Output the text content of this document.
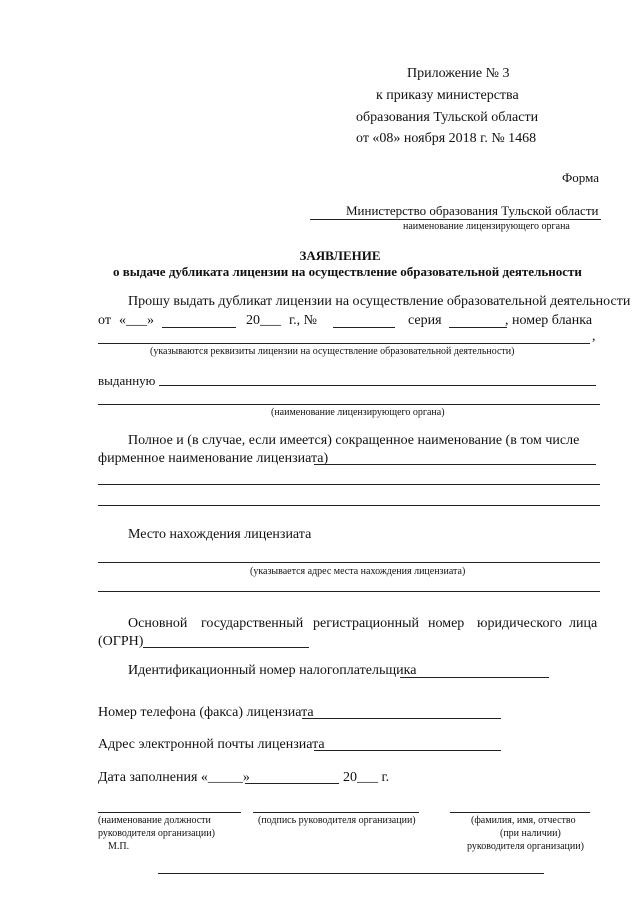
Приложение № 3
к приказу министерства
образования Тульской области
от «08» ноября 2018 г. № 1468
Форма
Министерство образования Тульской области
наименование лицензирующего органа
ЗАЯВЛЕНИЕ
о выдаче дубликата лицензии на осуществление образовательной деятельности
Прошу выдать дубликат лицензии на осуществление образовательной деятельности
от «___»	20___ г., №	серия	, номер бланка
,
(указываются реквизиты лицензии на осуществление образовательной деятельности)
выданную
(наименование лицензирующего органа)
Полное и (в случае, если имеется) сокращенное наименование (в том числе
фирменное наименование лицензиата)
Место нахождения лицензиата
(указывается адрес места нахождения лицензиата)
Основной государственный регистрационный номер юридического лица
(ОГРН)
Идентификационный номер налогоплательщика
Номер телефона (факса) лицензиата
Адрес электронной почты лицензиата
Дата заполнения «_____»	20___ г.
(наименование должности
руководителя организации)
М.П.
(подпись руководителя организации)	(фамилия, имя, отчество
(при наличии)
руководителя организации)
